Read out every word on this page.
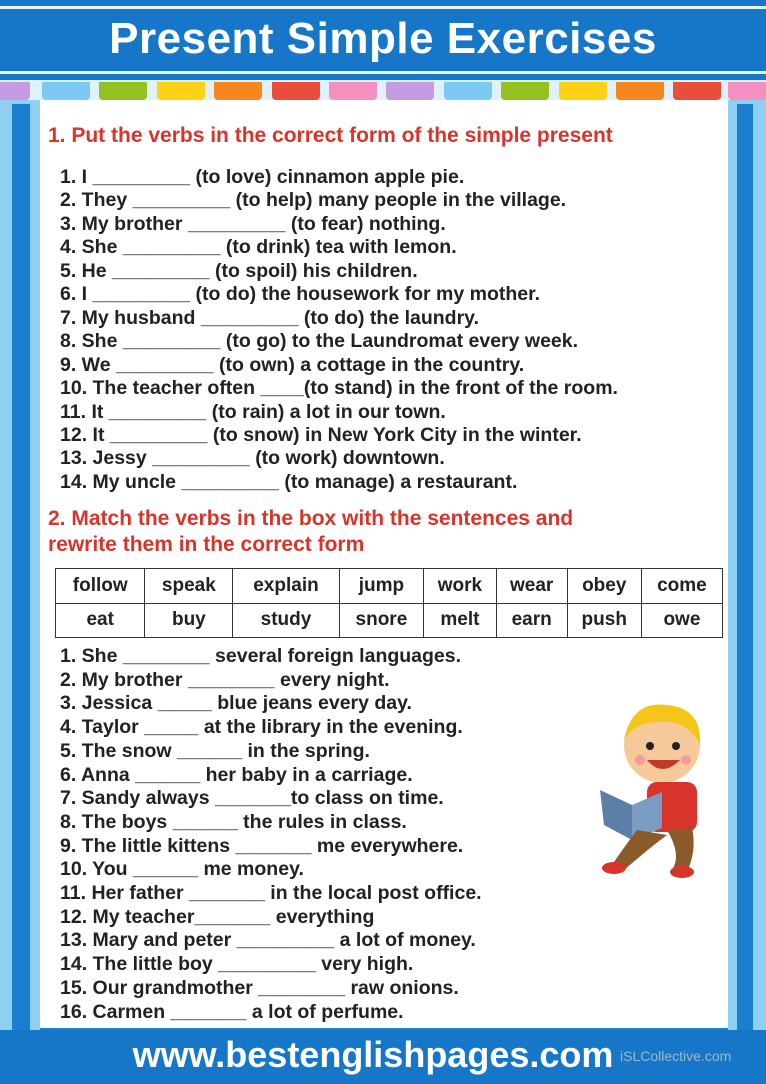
Present Simple Exercises
1. Put the verbs in the correct form of the simple present
1. I _________ (to love) cinnamon apple pie.
2. They _________ (to help) many people in the village.
3. My brother _________ (to fear) nothing.
4. She _________ (to drink) tea with lemon.
5. He _________ (to spoil) his children.
6. I _________ (to do) the housework for my mother.
7. My husband _________ (to do) the laundry.
8. She _________ (to go) to the Laundromat every week.
9. We _________ (to own) a cottage in the country.
10. The teacher often ____(to stand) in the front of the room.
11. It _________ (to rain) a lot in our town.
12. It _________ (to snow) in New York City in the winter.
13. Jessy _________ (to work) downtown.
14. My uncle _________ (to manage) a restaurant.
2. Match the verbs in the box with the sentences and
rewrite them in the correct form
follow	speak	explain	jump	work	wear	obey	come
eat	buy	study	snore	melt	earn	push	owe
1. She ________ several foreign languages.
2. My brother ________ every night.
3. Jessica _____ blue jeans every day.
4. Taylor _____ at the library in the evening.
5. The snow ______ in the spring.
6. Anna ______ her baby in a carriage.
7. Sandy always _______to class on time.
8. The boys ______ the rules in class.
9. The little kittens _______ me everywhere.
10. You ______ me money.
11. Her father _______ in the local post office.
12. My teacher_______ everything
13. Mary and peter _________ a lot of money.
14. The little boy _________ very high.
15. Our grandmother ________ raw onions.
16. Carmen _______ a lot of perfume.
www.bestenglishpages.com iSLCollective.com
